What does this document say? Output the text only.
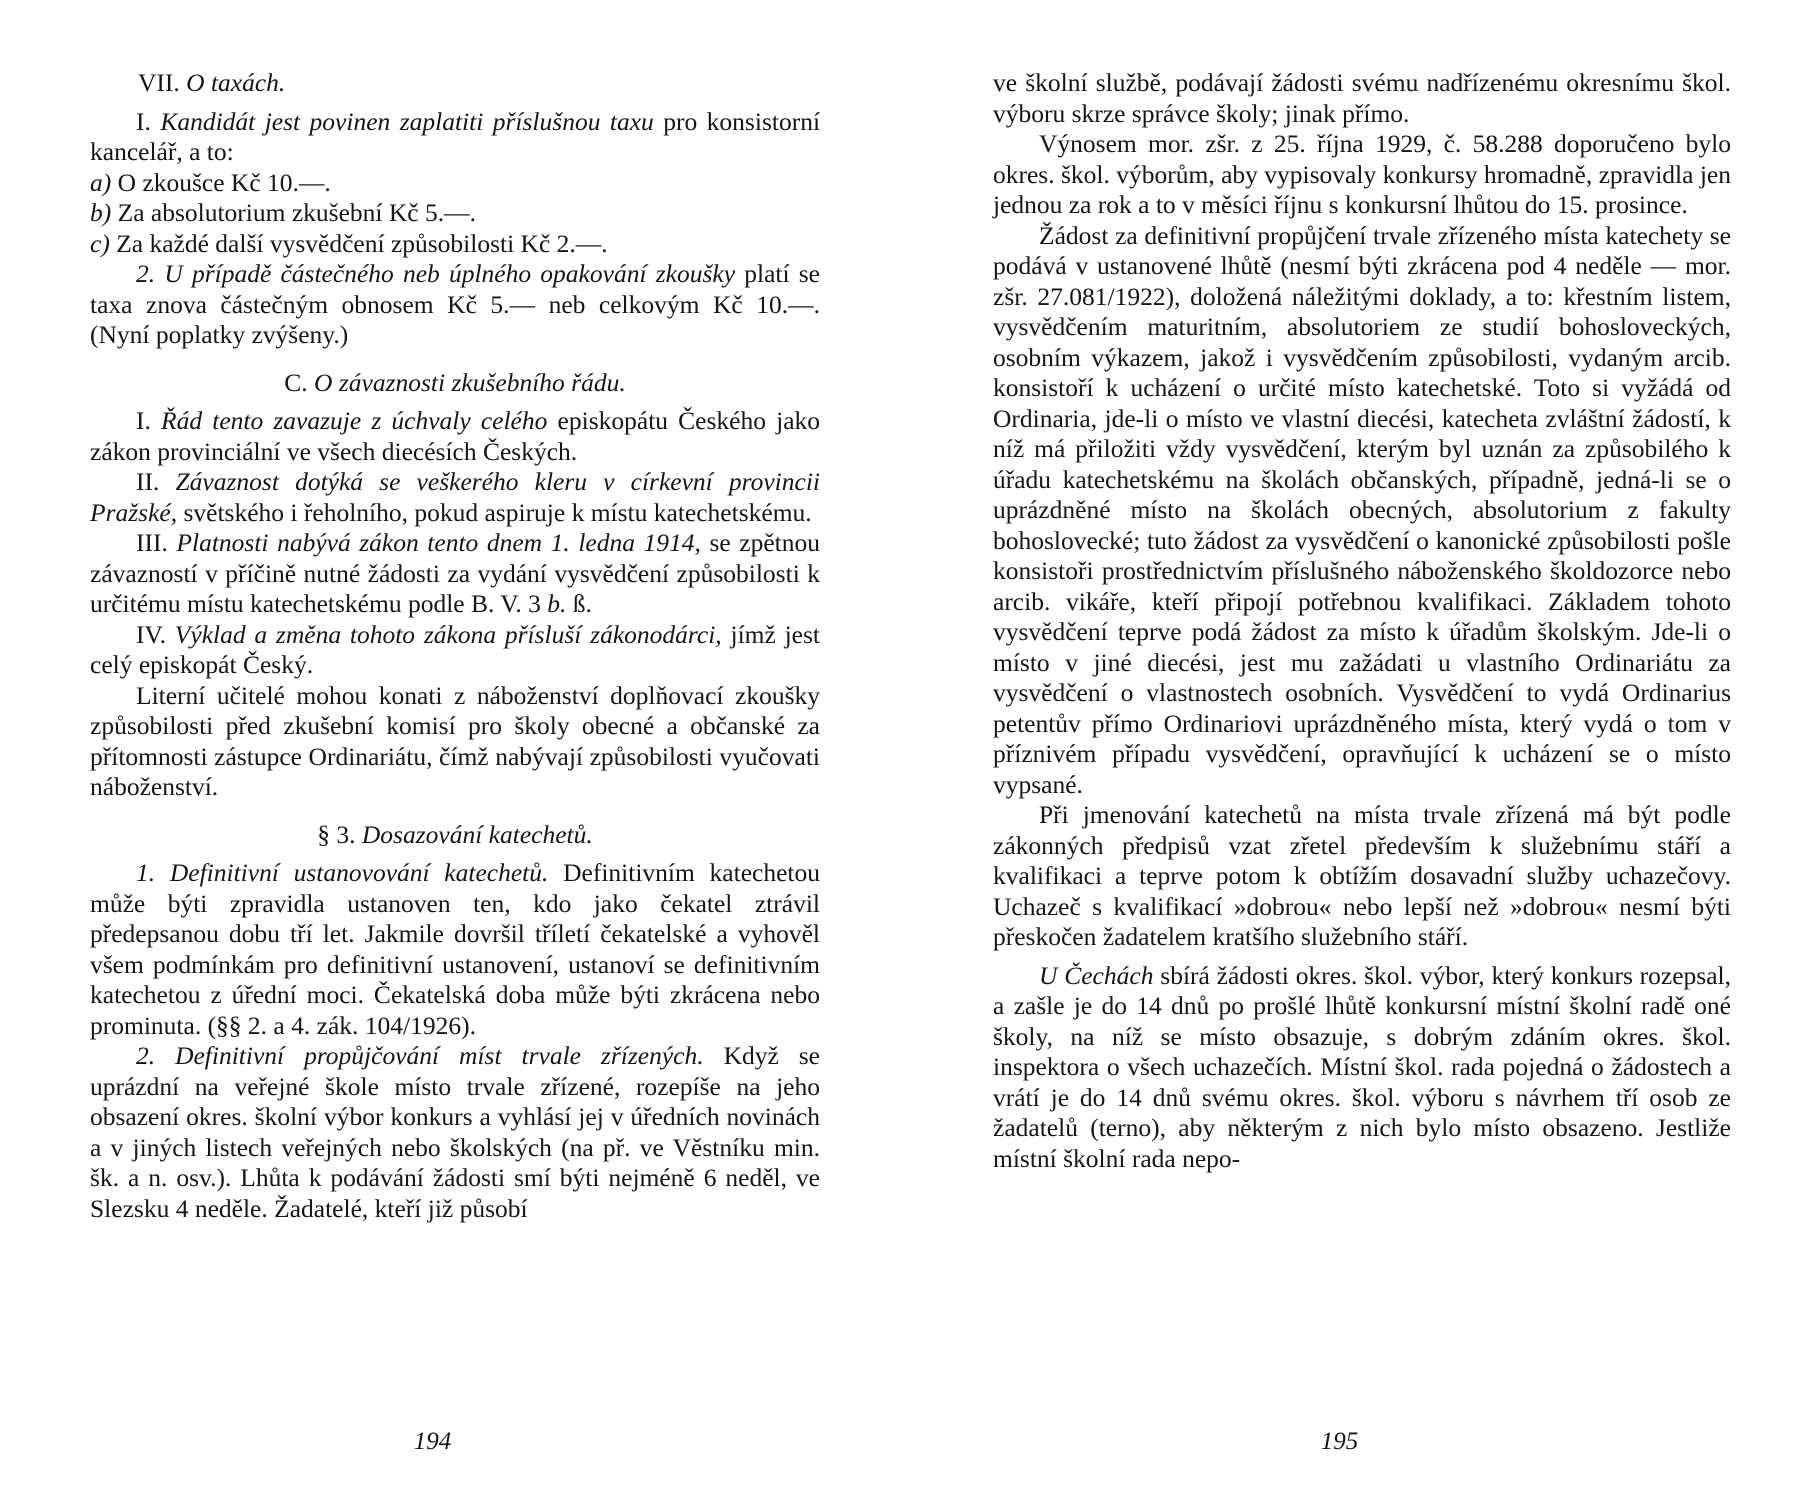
VII. O taxách.

I. Kandidát jest povinen zaplatiti příslušnou taxu pro konsistorní kancelář, a to:

a) O zkoušce Kč 10.—.

b) Za absolutorium zkušební Kč 5.—.

c) Za každé další vysvědčení způsobilosti Kč 2.—.

2. U případě částečného neb úplného opakování zkoušky platí se taxa znova částečným obnosem Kč 5.— neb celkovým Kč 10.—. (Nyní poplatky zvýšeny.)

C. O závaznosti zkušebního řádu.

I. Řád tento zavazuje z úchvaly celého episkopátu Českého jako zákon provinciální ve všech diecésích Českých.

II. Závaznost dotýká se veškerého kleru v církevní provincii Pražské, světského i řeholního, pokud aspiruje k místu katechetskému.

III. Platnosti nabývá zákon tento dnem 1. ledna 1914, se zpětnou závazností v příčině nutné žádosti za vydání vysvědčení způsobilosti k určitému místu katechetskému podle B. V. 3 b. ß.

IV. Výklad a změna tohoto zákona přísluší zákonodárci, jímž jest celý episkopát Český.

Literní učitelé mohou konati z náboženství doplňovací zkoušky způsobilosti před zkušební komisí pro školy obecné a občanské za přítomnosti zástupce Ordinariátu, čímž nabývají způsobilosti vyučovati náboženství.

§ 3. Dosazování katechetů.

1. Definitivní ustanovování katechetů. Definitivním katechetou může býti zpravidla ustanoven ten, kdo jako čekatel ztrávil předepsanou dobu tří let. Jakmile dovršil tříletí čekatelské a vyhověl všem podmínkám pro definitivní ustanovení, ustanoví se definitivním katechetou z úřední moci. Čekatelská doba může býti zkrácena nebo prominuta. (§§ 2. a 4. zák. 104/1926).

2. Definitivní propůjčování míst trvale zřízených. Když se uprázdní na veřejné škole místo trvale zřízené, rozepíše na jeho obsazení okres. školní výbor konkurs a vyhlásí jej v úředních novinách a v jiných listech veřejných nebo školských (na př. ve Věstníku min. šk. a n. osv.). Lhůta k podávání žádosti smí býti nejméně 6 neděl, ve Slezsku 4 neděle. Žadatelé, kteří již působí

194

ve školní službě, podávají žádosti svému nadřízenému okresnímu škol. výboru skrze správce školy; jinak přímo.

Výnosem mor. zšr. z 25. října 1929, č. 58.288 doporučeno bylo okres. škol. výborům, aby vypisovaly konkursy hromadně, zpravidla jen jednou za rok a to v měsíci říjnu s konkursní lhůtou do 15. prosince.

Žádost za definitivní propůjčení trvale zřízeného místa katechety se podává v ustanovené lhůtě (nesmí býti zkrácena pod 4 neděle — mor. zšr. 27.081/1922), doložená náležitými doklady, a to: křestním listem, vysvědčením maturitním, absolutoriem ze studií bohosloveckých, osobním výkazem, jakož i vysvědčením způsobilosti, vydaným arcib. konsistoří k ucházení o určité místo katechetské. Toto si vyžádá od Ordinaria, jde-li o místo ve vlastní diecési, katecheta zvláštní žádostí, k níž má přiložiti vždy vysvědčení, kterým byl uznán za způsobilého k úřadu katechetskému na školách občanských, případně, jedná-li se o uprázdněné místo na školách obecných, absolutorium z fakulty bohoslovecké; tuto žádost za vysvědčení o kanonické způsobilosti pošle konsistoři prostřednictvím příslušného náboženského školdozorce nebo arcib. vikáře, kteří připojí potřebnou kvalifikaci. Základem tohoto vysvědčení teprve podá žádost za místo k úřadům školským. Jde-li o místo v jiné diecési, jest mu zažádati u vlastního Ordinariátu za vysvědčení o vlastnostech osobních. Vysvědčení to vydá Ordinarius petentův přímo Ordinariovi uprázdněného místa, který vydá o tom v příznivém případu vysvědčení, opravňující k ucházení se o místo vypsané.

Při jmenování katechetů na místa trvale zřízená má být podle zákonných předpisů vzat zřetel především k služebnímu stáří a kvalifikaci a teprve potom k obtížím dosavadní služby uchazečovy. Uchazeč s kvalifikací »dobrou« nebo lepší než »dobrou« nesmí býti přeskočen žadatelem kratšího služebního stáří.

U Čechách sbírá žádosti okres. škol. výbor, který konkurs rozepsal, a zašle je do 14 dnů po prošlé lhůtě konkursní místní školní radě oné školy, na níž se místo obsazuje, s dobrým zdáním okres. škol. inspektora o všech uchazečích. Místní škol. rada pojedná o žádostech a vrátí je do 14 dnů svému okres. škol. výboru s návrhem tří osob ze žadatelů (terno), aby některým z nich bylo místo obsazeno. Jestliže místní školní rada nepo-

195
